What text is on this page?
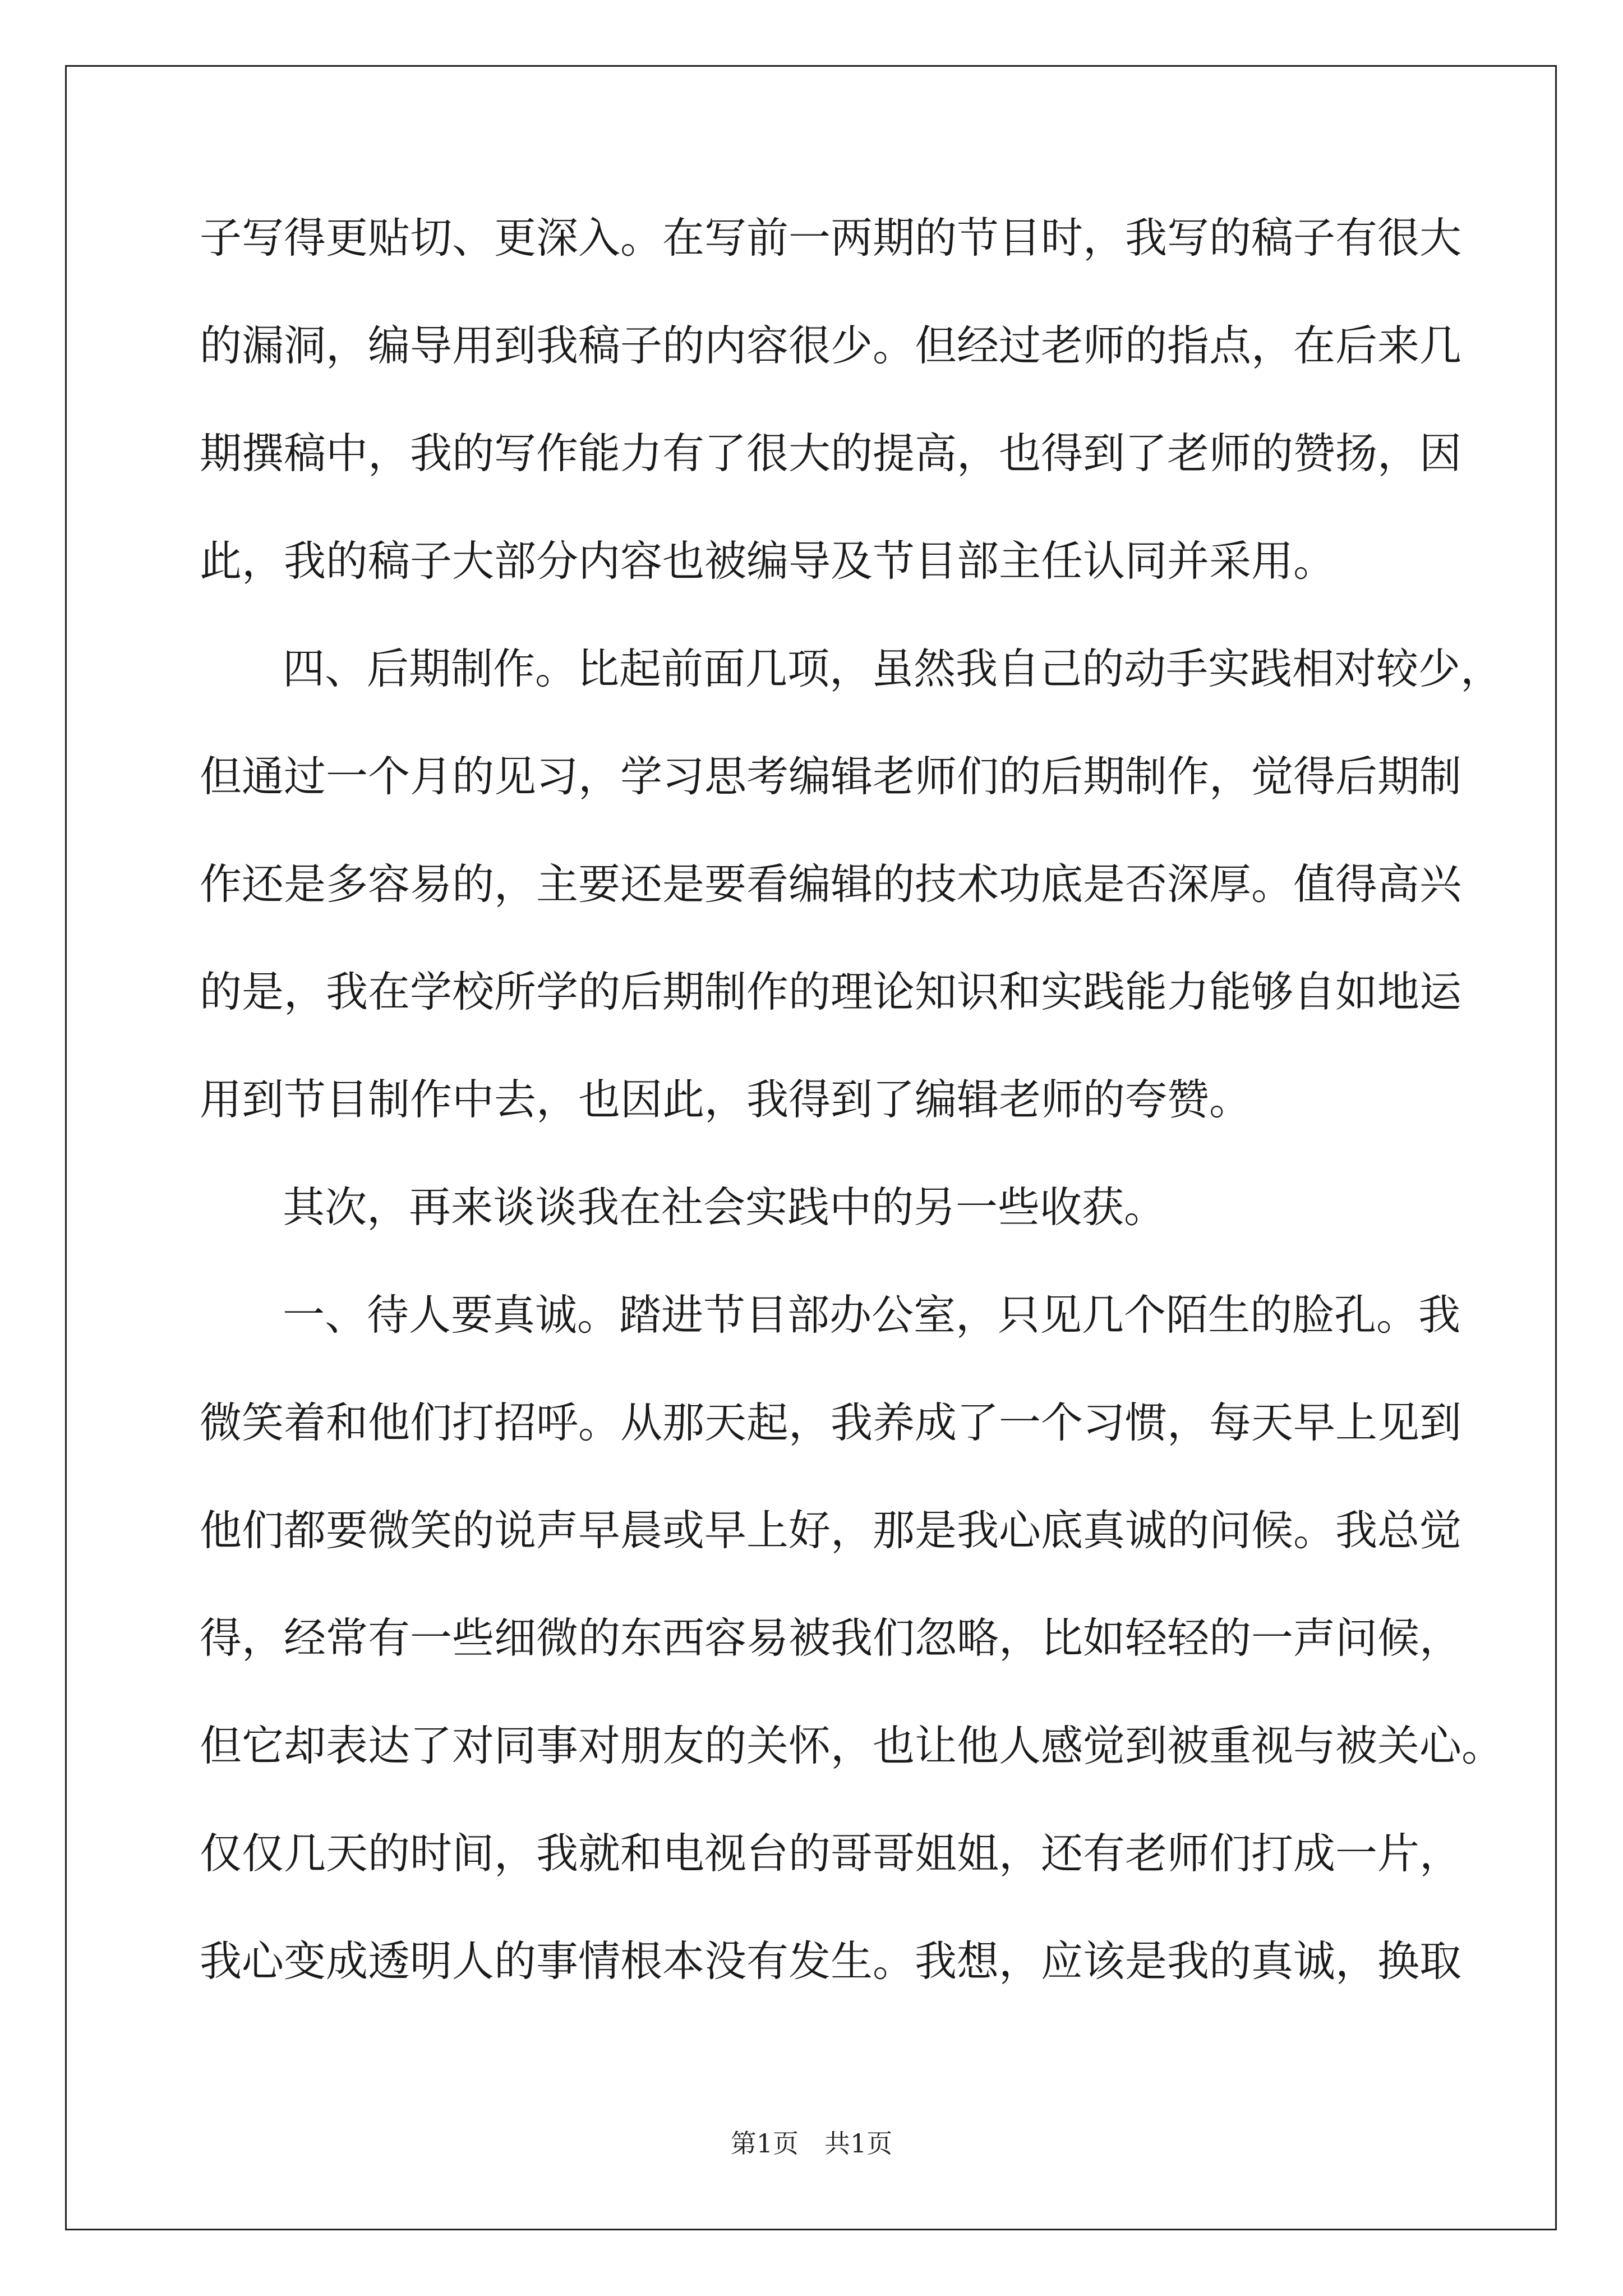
子写得更贴切、更深入。在写前一两期的节目时，我写的稿子有很大
的漏洞，编导用到我稿子的内容很少。但经过老师的指点，在后来几
期撰稿中，我的写作能力有了很大的提高，也得到了老师的赞扬，因
此，我的稿子大部分内容也被编导及节目部主任认同并采用。
四、后期制作。比起前面几项，虽然我自己的动手实践相对较少，
但通过一个月的见习，学习思考编辑老师们的后期制作，觉得后期制
作还是多容易的，主要还是要看编辑的技术功底是否深厚。值得高兴
的是，我在学校所学的后期制作的理论知识和实践能力能够自如地运
用到节目制作中去，也因此，我得到了编辑老师的夸赞。
其次，再来谈谈我在社会实践中的另一些收获。
一、待人要真诚。踏进节目部办公室，只见几个陌生的脸孔。我
微笑着和他们打招呼。从那天起，我养成了一个习惯，每天早上见到
他们都要微笑的说声早晨或早上好，那是我心底真诚的问候。我总觉
得，经常有一些细微的东西容易被我们忽略，比如轻轻的一声问候，
但它却表达了对同事对朋友的关怀，也让他人感觉到被重视与被关心。
仅仅几天的时间，我就和电视台的哥哥姐姐，还有老师们打成一片，
我心变成透明人的事情根本没有发生。我想，应该是我的真诚，换取
第1页　共1页
